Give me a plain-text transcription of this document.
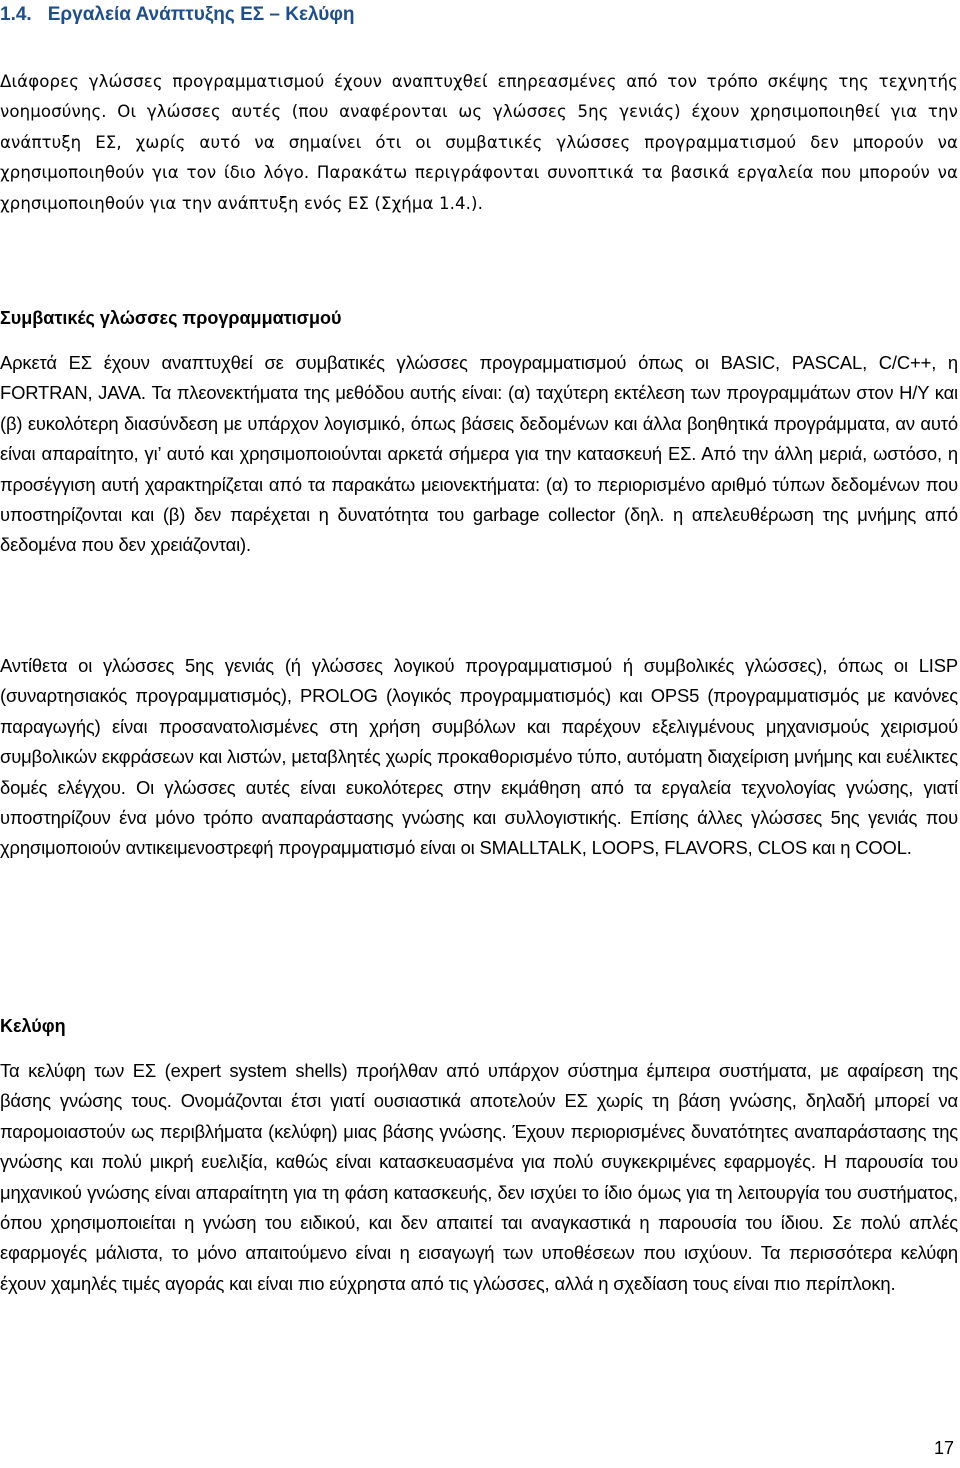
1.4. Εργαλεία Ανάπτυξης ΕΣ – Κελύφη

Διάφορες γλώσσες προγραμματισμού έχουν αναπτυχθεί επηρεασμένες από τον τρόπο σκέψης της τεχνητής νοημοσύνης. Οι γλώσσες αυτές (που αναφέρονται ως γλώσσες 5ης γενιάς) έχουν χρησιμοποιηθεί για την ανάπτυξη ΕΣ, χωρίς αυτό να σημαίνει ότι οι συμβατικές γλώσσες προγραμματισμού δεν μπορούν να χρησιμοποιηθούν για τον ίδιο λόγο. Παρακάτω περιγράφονται συνοπτικά τα βασικά εργαλεία που μπορούν να χρησιμοποιηθούν για την ανάπτυξη ενός ΕΣ (Σχήμα 1.4.).

Συμβατικές γλώσσες προγραμματισμού

Αρκετά ΕΣ έχουν αναπτυχθεί σε συμβατικές γλώσσες προγραμματισμού όπως οι BASIC, PASCAL, C/C++, η FORTRAN, JAVA. Τα πλεονεκτήματα της μεθόδου αυτής είναι: (α) ταχύτερη εκτέλεση των προγραμμάτων στον Η/Υ και (β) ευκολότερη διασύνδεση με υπάρχον λογισμικό, όπως βάσεις δεδομένων και άλλα βοηθητικά προγράμματα, αν αυτό είναι απαραίτητο, γι’ αυτό και χρησιμοποιούνται αρκετά σήμερα για την κατασκευή ΕΣ. Από την άλλη μεριά, ωστόσο, η προσέγγιση αυτή χαρακτηρίζεται από τα παρακάτω μειονεκτήματα: (α) το περιορισμένο αριθμό τύπων δεδομένων που υποστηρίζονται και (β) δεν παρέχεται η δυνατότητα του garbage collector (δηλ. η απελευθέρωση της μνήμης από δεδομένα που δεν χρειάζονται).

Αντίθετα οι γλώσσες 5ης γενιάς (ή γλώσσες λογικού προγραμματισμού ή συμβολικές γλώσσες), όπως οι LISP (συναρτησιακός προγραμματισμός), PROLOG (λογικός προγραμματισμός) και OPS5 (προγραμματισμός με κανόνες παραγωγής) είναι προσανατολισμένες στη χρήση συμβόλων και παρέχουν εξελιγμένους μηχανισμούς χειρισμού συμβολικών εκφράσεων και λιστών, μεταβλητές χωρίς προκαθορισμένο τύπο, αυτόματη διαχείριση μνήμης και ευέλικτες δομές ελέγχου. Οι γλώσσες αυτές είναι ευκολότερες στην εκμάθηση από τα εργαλεία τεχνολογίας γνώσης, γιατί υποστηρίζουν ένα μόνο τρόπο αναπαράστασης γνώσης και συλλογιστικής. Επίσης άλλες γλώσσες 5ης γενιάς που χρησιμοποιούν αντικειμενοστρεφή προγραμματισμό είναι οι SMALLTALK, LOOPS, FLAVORS, CLOS και η COOL.

Κελύφη

Τα κελύφη των ΕΣ (expert system shells) προήλθαν από υπάρχον σύστημα έμπειρα συστήματα, με αφαίρεση της βάσης γνώσης τους. Ονομάζονται έτσι γιατί ουσιαστικά αποτελούν ΕΣ χωρίς τη βάση γνώσης, δηλαδή μπορεί να παρομοιαστούν ως περιβλήματα (κελύφη) μιας βάσης γνώσης. Έχουν περιορισμένες δυνατότητες αναπαράστασης της γνώσης και πολύ μικρή ευελιξία, καθώς είναι κατασκευασμένα για πολύ συγκεκριμένες εφαρμογές. Η παρουσία του μηχανικού γνώσης είναι απαραίτητη για τη φάση κατασκευής, δεν ισχύει το ίδιο όμως για τη λειτουργία του συστήματος, όπου χρησιμοποιείται η γνώση του ειδικού, και δεν απαιτεί ται αναγκαστικά η παρουσία του ίδιου. Σε πολύ απλές εφαρμογές μάλιστα, το μόνο απαιτούμενο είναι η εισαγωγή των υποθέσεων που ισχύουν. Τα περισσότερα κελύφη έχουν χαμηλές τιμές αγοράς και είναι πιο εύχρηστα από τις γλώσσες, αλλά η σχεδίαση τους είναι πιο περίπλοκη.

17
